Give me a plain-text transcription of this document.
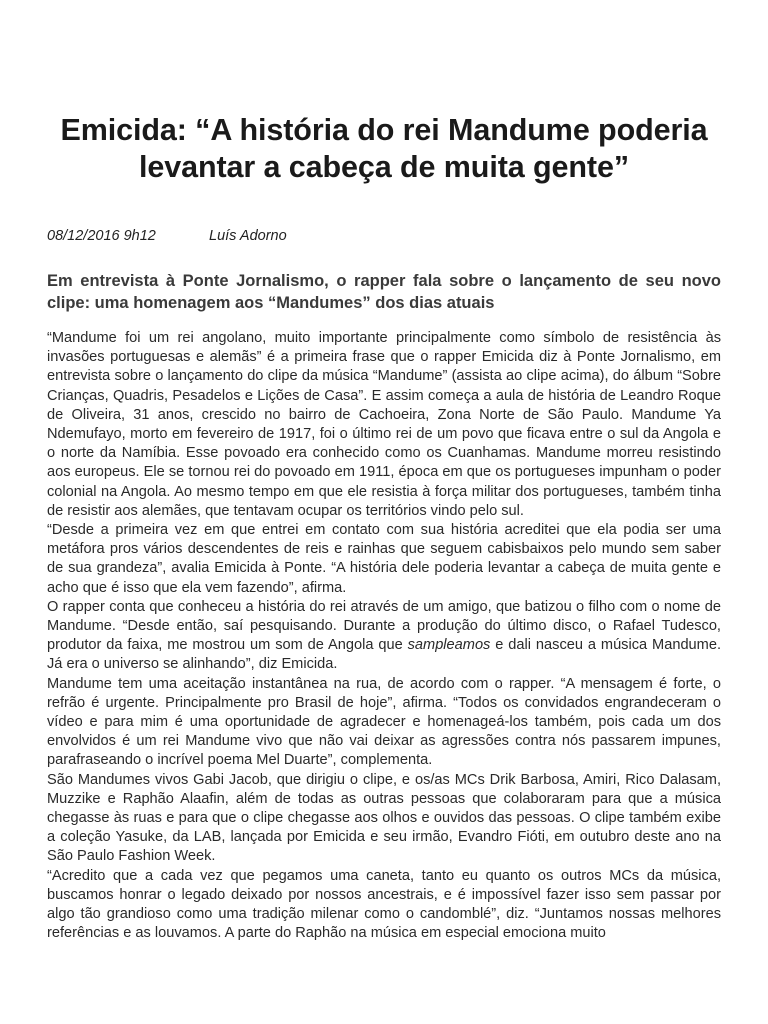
Emicida: “A história do rei Mandume poderia levantar a cabeça de muita gente”
08/12/2016 9h12	Luís Adorno
Em entrevista à Ponte Jornalismo, o rapper fala sobre o lançamento de seu novo clipe: uma homenagem aos “Mandumes” dos dias atuais

“Mandume foi um rei angolano, muito importante principalmente como símbolo de resistência às invasões portuguesas e alemãs” é a primeira frase que o rapper Emicida diz à Ponte Jornalismo, em entrevista sobre o lançamento do clipe da música “Mandume” (assista ao clipe acima), do álbum “Sobre Crianças, Quadris, Pesadelos e Lições de Casa”. E assim começa a aula de história de Leandro Roque de Oliveira, 31 anos, crescido no bairro de Cachoeira, Zona Norte de São Paulo. Mandume Ya Ndemufayo, morto em fevereiro de 1917, foi o último rei de um povo que ficava entre o sul da Angola e o norte da Namíbia. Esse povoado era conhecido como os Cuanhamas. Mandume morreu resistindo aos europeus. Ele se tornou rei do povoado em 1911, época em que os portugueses impunham o poder colonial na Angola. Ao mesmo tempo em que ele resistia à força militar dos portugueses, também tinha de resistir aos alemães, que tentavam ocupar os territórios vindo pelo sul.

“Desde a primeira vez em que entrei em contato com sua história acreditei que ela podia ser uma metáfora pros vários descendentes de reis e rainhas que seguem cabisbaixos pelo mundo sem saber de sua grandeza”, avalia Emicida à Ponte. “A história dele poderia levantar a cabeça de muita gente e acho que é isso que ela vem fazendo”, afirma.

O rapper conta que conheceu a história do rei através de um amigo, que batizou o filho com o nome de Mandume. “Desde então, saí pesquisando. Durante a produção do último disco, o Rafael Tudesco, produtor da faixa, me mostrou um som de Angola que sampleamos e dali nasceu a música Mandume. Já era o universo se alinhando”, diz Emicida.

Mandume tem uma aceitação instantânea na rua, de acordo com o rapper. “A mensagem é forte, o refrão é urgente. Principalmente pro Brasil de hoje”, afirma. “Todos os convidados engrandeceram o vídeo e para mim é uma oportunidade de agradecer e homenageá-los também, pois cada um dos envolvidos é um rei Mandume vivo que não vai deixar as agressões contra nós passarem impunes, parafraseando o incrível poema Mel Duarte”, complementa.

São Mandumes vivos Gabi Jacob, que dirigiu o clipe, e os/as MCs Drik Barbosa, Amiri, Rico Dalasam, Muzzike e Raphão Alaafin, além de todas as outras pessoas que colaboraram para que a música chegasse às ruas e para que o clipe chegasse aos olhos e ouvidos das pessoas. O clipe também exibe a coleção Yasuke, da LAB, lançada por Emicida e seu irmão, Evandro Fióti, em outubro deste ano na São Paulo Fashion Week.

“Acredito que a cada vez que pegamos uma caneta, tanto eu quanto os outros MCs da música, buscamos honrar o legado deixado por nossos ancestrais, e é impossível fazer isso sem passar por algo tão grandioso como uma tradição milenar como o candomblé”, diz. “Juntamos nossas melhores referências e as louvamos. A parte do Raphão na música em especial emociona muito
